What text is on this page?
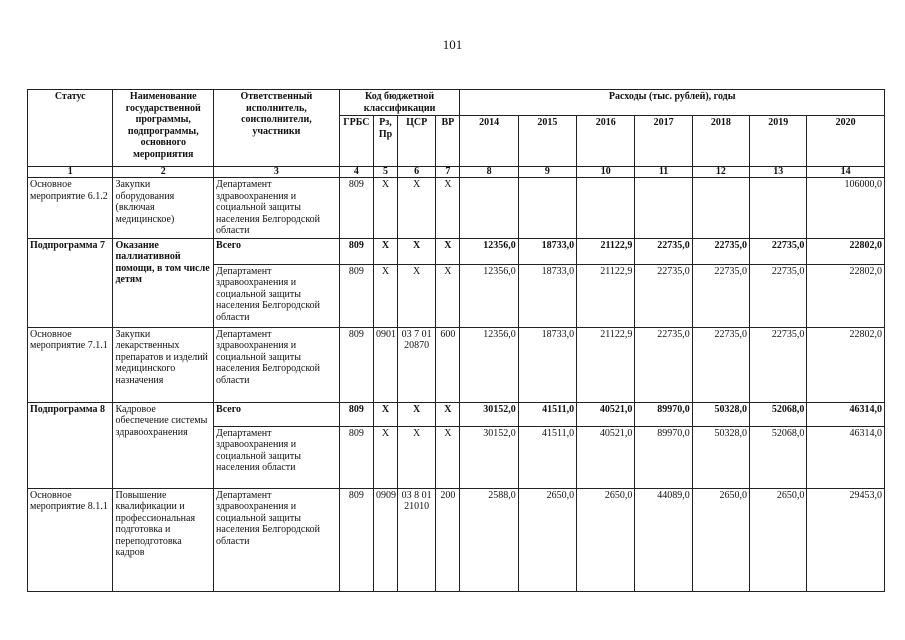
101
Статус	Наименование государственной программы, подпрограммы, основного мероприятия	Ответственный исполнитель, соисполнители, участники	Код бюджетной классификации				Расходы (тыс. рублей), годы						
			ГРБС	Рз, Пр	ЦСР	ВР	2014	2015	2016	2017	2018	2019	2020
1	2	3	4	5	6	7	8	9	10	11	12	13	14
Основное мероприятие 6.1.2	Закупки оборудования (включая медицинское)	Департамент здравоохранения и социальной защиты населения Белгородской области	809	Х	Х	Х							106000,0
Подпрограмма 7	Оказание паллиативной помощи, в том числе детям	Всего	809	Х	Х	Х	12356,0	18733,0	21122,9	22735,0	22735,0	22735,0	22802,0
		Департамент здравоохранения и социальной защиты населения Белгородской области	809	Х	Х	Х	12356,0	18733,0	21122,9	22735,0	22735,0	22735,0	22802,0
Основное мероприятие 7.1.1	Закупки лекарственных препаратов и изделий медицинского назначения	Департамент здравоохранения и социальной защиты населения Белгородской области	809	0901	03 7 01 20870	600	12356,0	18733,0	21122,9	22735,0	22735,0	22735,0	22802,0
Подпрограмма 8	Кадровое обеспечение системы здравоохранения	Всего	809	Х	Х	Х	30152,0	41511,0	40521,0	89970,0	50328,0	52068,0	46314,0
		Департамент здравоохранения и социальной защиты населения области	809	Х	Х	Х	30152,0	41511,0	40521,0	89970,0	50328,0	52068,0	46314,0
Основное мероприятие 8.1.1	Повышение квалификации и профессиональная подготовка и переподготовка кадров	Департамент здравоохранения и социальной защиты населения Белгородской области	809	0909	03 8 01 21010	200	2588,0	2650,0	2650,0	44089,0	2650,0	2650,0	29453,0
